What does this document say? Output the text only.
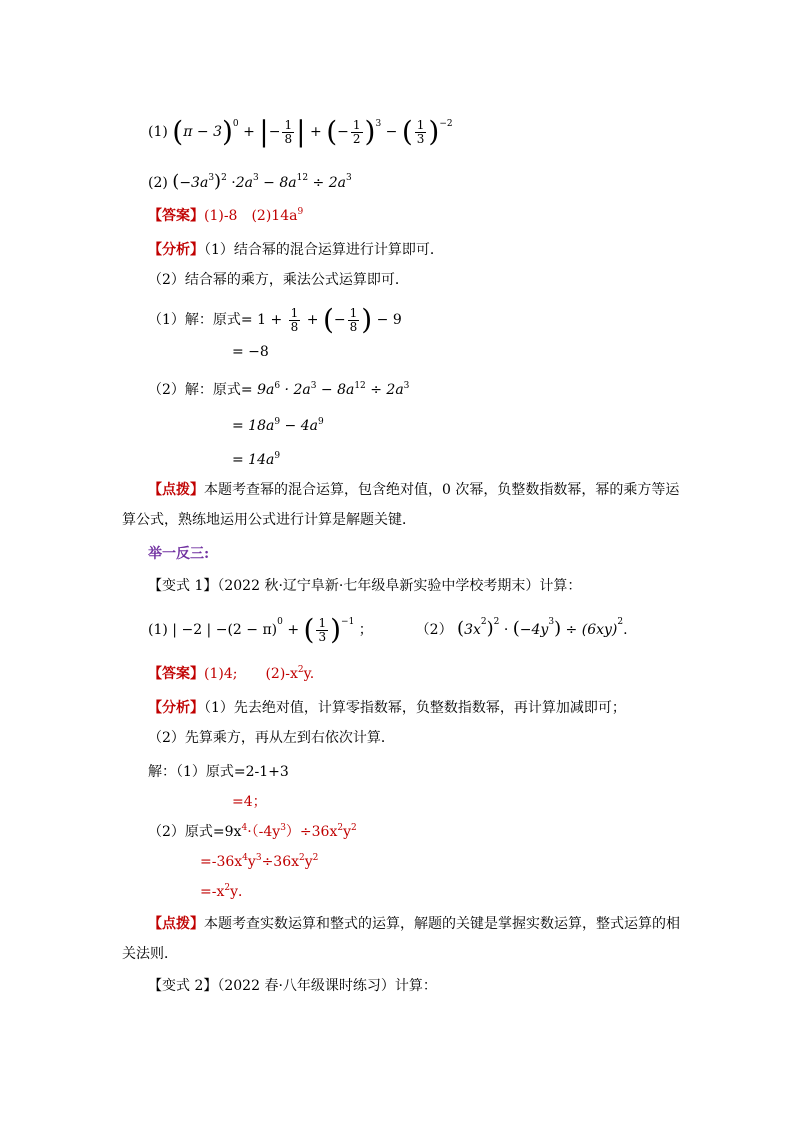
(1) $(\pi - 3)^0$ + |− $\frac{1}{8}$ | + (− $\frac{1}{2} )^3$ − ( $\frac{1}{3} )^{-2}$
(2) $(-3a^3)^2 \cdot 2a^3 - 8a^{12} \div 2a^3$
【答案】(1)-8　$(2)14a^9$
【分析】（1）结合幂的混合运算进行计算即可．
（2）结合幂的乘方，乘法公式运算即可．
（1）解：原式= $1 + \frac{1}{8}$ + (− $\frac{1}{8}$ ) − 9
= −8
（2）解：原式= $9a^6 \cdot 2a^3 - 8a^{12} \div 2a^3$
= $18a^9 - 4a^9$
= $14a^9$
【点拨】本题考查幂的混合运算，包含绝对值，0 次幂，负整数指数幂，幂的乘方等运
算公式，熟练地运用公式进行计算是解题关键．
举一反三:
【变式 1】（2022 秋·辽宁阜新·七年级阜新实验中学校考期末）计算：
(1) | −2 | $-(2 - \pi)^0$ + ( $\frac{1}{3} )^{-1}$ ；	（2） $(3x^2)^2 \cdot (-4y^3) \div (6xy)^2$.
【答案】(1)4;　　$(2)-x^2y$.
【分析】（1）先去绝对值，计算零指数幂，负整数指数幂，再计算加减即可；
（2）先算乘方，再从左到右依次计算．
解：（1）原式=2-1+3
=4；
（2）原式$=9x^4\cdot(-4y^3)\div 36x^2y^2$
$=-36x^4y^3\div 36x^2y^2$
$=-x^2y$．
【点拨】本题考查实数运算和整式的运算，解题的关键是掌握实数运算，整式运算的相
关法则．
【变式 2】（2022 春·八年级课时练习）计算：
